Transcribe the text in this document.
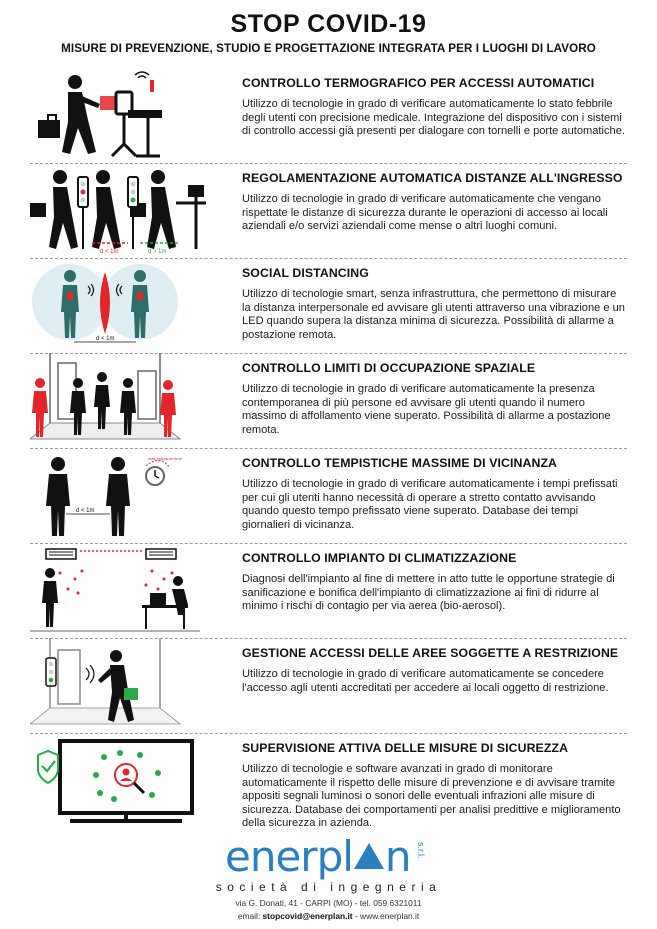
STOP COVID-19
MISURE DI PREVENZIONE, STUDIO E PROGETTAZIONE INTEGRATA PER I LUOGHI DI LAVORO
CONTROLLO TERMOGRAFICO PER ACCESSI AUTOMATICI
Utilizzo di tecnologie in grado di verificare automaticamente lo stato febbrile degli utenti con precisione medicale. Integrazione del dispositivo con i sistemi di controllo accessi già presenti per dialogare con tornelli e porte automatiche.
d < 1m	d > 1m
REGOLAMENTAZIONE AUTOMATICA DISTANZE ALL'INGRESSO
Utilizzo di tecnologie in grado di verificare automaticamente che vengano rispettate le distanze di sicurezza durante le operazioni di accesso ai locali aziendali e/o servizi aziendali come mense o altri luoghi comuni.
d < 1m
SOCIAL DISTANCING
Utilizzo di tecnologie smart, senza infrastruttura, che permettono di misurare la distanza interpersonale ed avvisare gli utenti attraverso una vibrazione e un LED quando supera la distanza minima di sicurezza. Possibilità di allarme a postazione remota.
CONTROLLO LIMITI DI OCCUPAZIONE SPAZIALE
Utilizzo di tecnologie in grado di verificare automaticamente la presenza contemporanea di più persone ed avvisare gli utenti quando il numero massimo di affollamento viene superato. Possibilità di allarme a postazione remota.
d < 1m
max exposure time	CONTROLLO TEMPISTICHE MASSIME DI VICINANZA
Utilizzo di tecnologie in grado di verificare automaticamente i tempi prefissati per cui gli utenti hanno necessità di operare a stretto contatto avvisando quando questo tempo prefissato viene superato. Database dei tempi giornalieri di vicinanza.
CONTROLLO IMPIANTO DI CLIMATIZZAZIONE
Diagnosi dell'impianto al fine di mettere in atto tutte le opportune strategie di sanificazione e bonifica dell'impianto di climatizzazione ai fini di ridurre al minimo i rischi di contagio per via aerea (bio-aerosol).
GESTIONE ACCESSI DELLE AREE SOGGETTE A RESTRIZIONE
Utilizzo di tecnologie in grado di verificare automaticamente se concedere l'accesso agli utenti accreditati per accedere ai locali oggetto di restrizione.
SUPERVISIONE ATTIVA DELLE MISURE DI SICUREZZA
Utilizzo di tecnologie e software avanzati in grado di monitorare automaticamente il rispetto delle misure di prevenzione e di avvisare tramite appositi segnali luminosi o sonori delle eventuali infrazioni alle misure di sicurezza. Database dei comportamenti per analisi predittive e miglioramento della sicurezza in azienda.
enerpl n s.r.l.
società di ingegneria
via G. Donati, 41 - CARPI (MO) - tel. 059 6321011
email: stopcovid@enerplan.it - www.enerplan.it
